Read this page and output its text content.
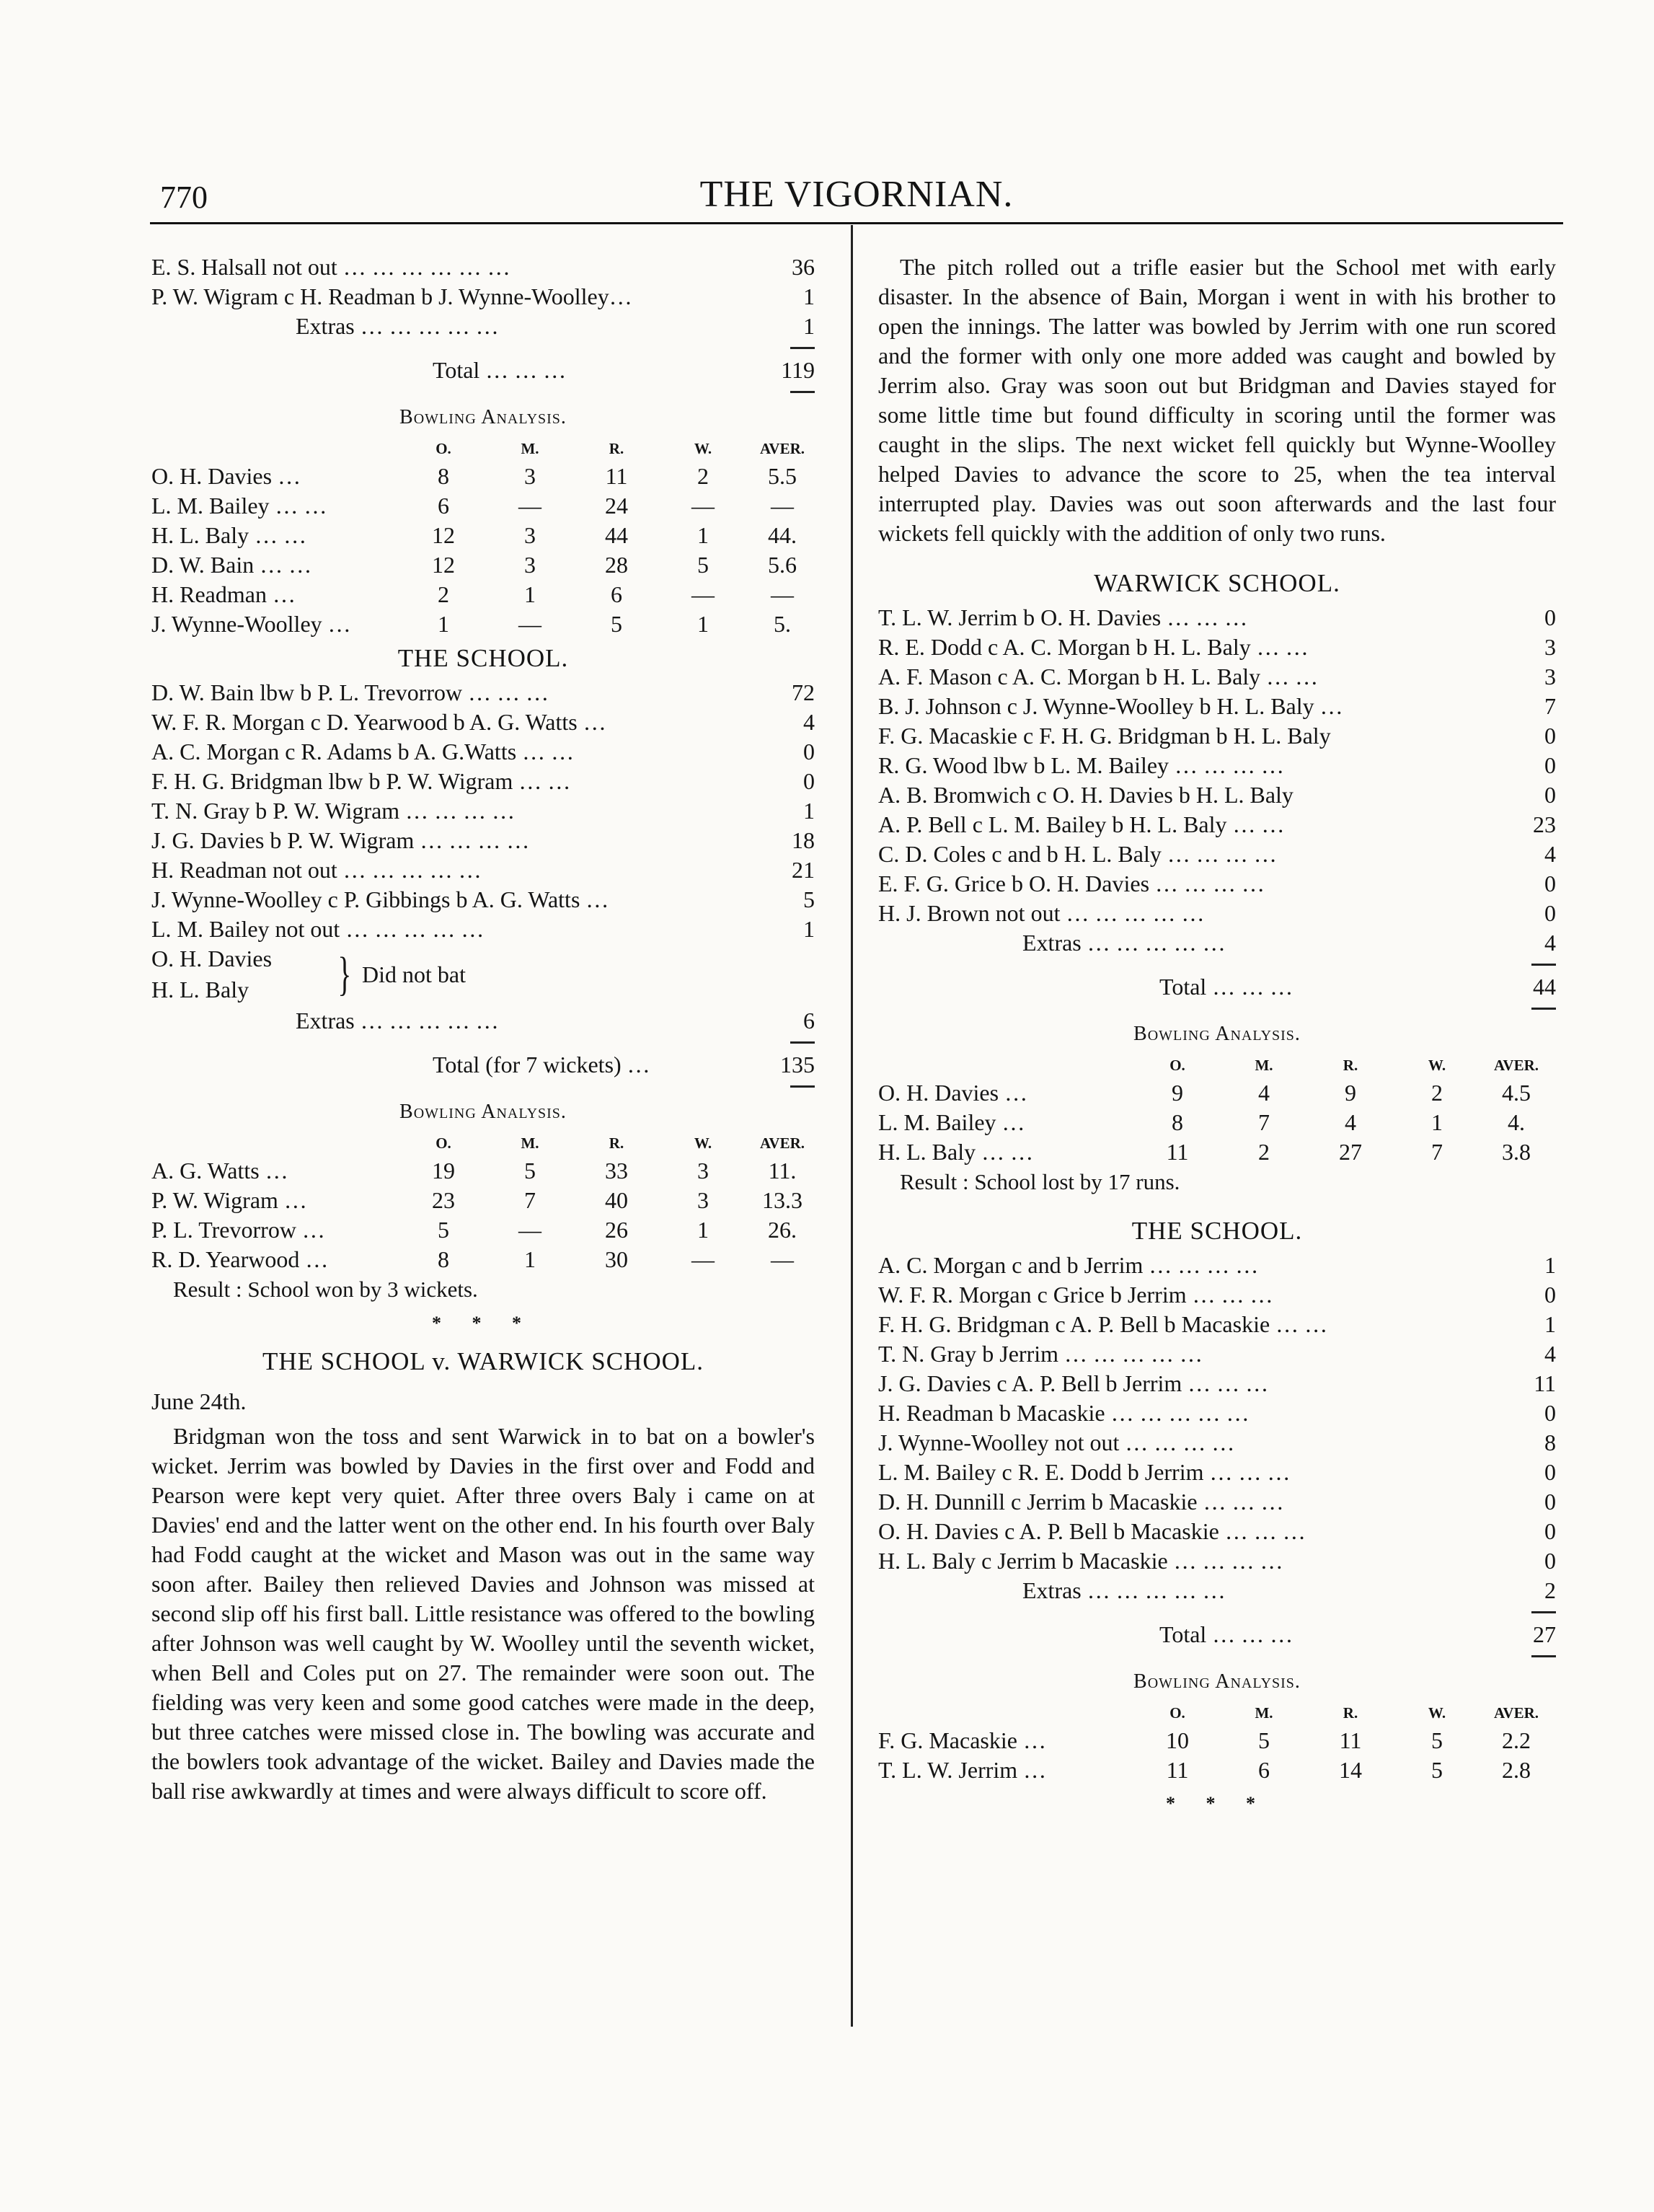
770	THE VIGORNIAN.
E. S. Halsall not out … … … … … …	36
P. W. Wigram c H. Readman b J. Wynne-Woolley…	1
Extras … … … … …	1
Total … … …	119
Bowling Analysis.
O.	M.	R.	W.	AVER.
O. H. Davies …	8	3	11	2	5.5
L. M. Bailey … …	6	—	24	—	—
H. L. Baly … …	12	3	44	1	44.
D. W. Bain … …	12	3	28	5	5.6
H. Readman …	2	1	6	—	—
J. Wynne-Woolley …	1	—	5	1	5.
THE SCHOOL.
D. W. Bain lbw b P. L. Trevorrow … … …	72
W. F. R. Morgan c D. Yearwood b A. G. Watts …	4
A. C. Morgan c R. Adams b A. G.Watts … …	0
F. H. G. Bridgman lbw b P. W. Wigram … …	0
T. N. Gray b P. W. Wigram … … … …	1
J. G. Davies b P. W. Wigram … … … …	18
H. Readman not out … … … … …	21
J. Wynne-Woolley c P. Gibbings b A. G. Watts …	5
L. M. Bailey not out … … … … …	1
O. H. Davies
H. L. Baly } Did not bat
Extras … … … … …	6
Total (for 7 wickets) …	135
Bowling Analysis.
O.	M.	R.	W.	AVER.
A. G. Watts …	19	5	33	3	11.
P. W. Wigram …	23	7	40	3	13.3
P. L. Trevorrow …	5	—	26	1	26.
R. D. Yearwood …	8	1	30	—	—
Result : School won by 3 wickets.
* * *
THE SCHOOL v. WARWICK SCHOOL.
June 24th.
Bridgman won the toss and sent Warwick in to bat on a bowler's wicket. Jerrim was bowled by Davies in the first over and Fodd and Pearson were kept very quiet. After three overs Baly i came on at Davies' end and the latter went on the other end. In his fourth over Baly had Fodd caught at the wicket and Mason was out in the same way soon after. Bailey then relieved Davies and Johnson was missed at second slip off his first ball. Little resistance was offered to the bowling after Johnson was well caught by W. Woolley until the seventh wicket, when Bell and Coles put on 27. The remainder were soon out. The fielding was very keen and some good catches were made in the deep, but three catches were missed close in. The bowling was accurate and the bowlers took advantage of the wicket. Bailey and Davies made the ball rise awkwardly at times and were always difficult to score off.
The pitch rolled out a trifle easier but the School met with early disaster. In the absence of Bain, Morgan i went in with his brother to open the innings. The latter was bowled by Jerrim with one run scored and the former with only one more added was caught and bowled by Jerrim also. Gray was soon out but Bridgman and Davies stayed for some little time but found difficulty in scoring until the former was caught in the slips. The next wicket fell quickly but Wynne-Woolley helped Davies to advance the score to 25, when the tea interval interrupted play. Davies was out soon afterwards and the last four wickets fell quickly with the addition of only two runs.
WARWICK SCHOOL.
T. L. W. Jerrim b O. H. Davies … … …	0
R. E. Dodd c A. C. Morgan b H. L. Baly … …	3
A. F. Mason c A. C. Morgan b H. L. Baly … …	3
B. J. Johnson c J. Wynne-Woolley b H. L. Baly …	7
F. G. Macaskie c F. H. G. Bridgman b H. L. Baly	0
R. G. Wood lbw b L. M. Bailey … … … …	0
A. B. Bromwich c O. H. Davies b H. L. Baly	0
A. P. Bell c L. M. Bailey b H. L. Baly … …	23
C. D. Coles c and b H. L. Baly … … … …	4
E. F. G. Grice b O. H. Davies … … … …	0
H. J. Brown not out … … … … …	0
Extras … … … … …	4
Total … … …	44
Bowling Analysis.
O.	M.	R.	W.	AVER.
O. H. Davies …	9	4	9	2	4.5
L. M. Bailey …	8	7	4	1	4.
H. L. Baly … …	11	2	27	7	3.8
Result : School lost by 17 runs.
THE SCHOOL.
A. C. Morgan c and b Jerrim … … … …	1
W. F. R. Morgan c Grice b Jerrim … … …	0
F. H. G. Bridgman c A. P. Bell b Macaskie … …	1
T. N. Gray b Jerrim … … … … …	4
J. G. Davies c A. P. Bell b Jerrim … … …	11
H. Readman b Macaskie … … … … …	0
J. Wynne-Woolley not out … … … …	8
L. M. Bailey c R. E. Dodd b Jerrim … … …	0
D. H. Dunnill c Jerrim b Macaskie … … …	0
O. H. Davies c A. P. Bell b Macaskie … … …	0
H. L. Baly c Jerrim b Macaskie … … … …	0
Extras … … … … …	2
Total … … …	27
Bowling Analysis.
O.	M.	R.	W.	AVER.
F. G. Macaskie …	10	5	11	5	2.2
T. L. W. Jerrim …	11	6	14	5	2.8
* * *
